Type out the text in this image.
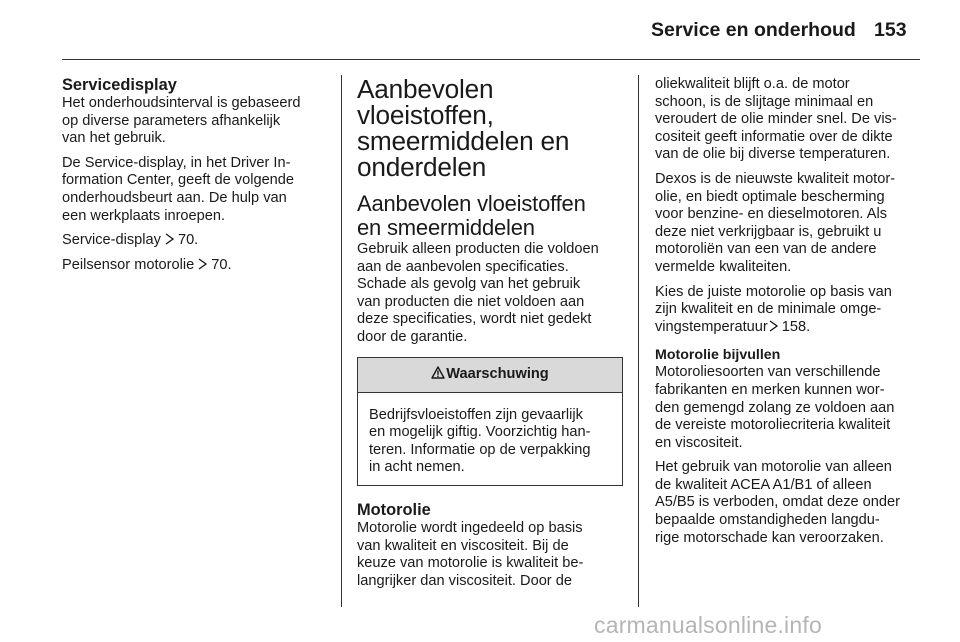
Service en onderhoud 153
Servicedisplay

Het onderhoudsinterval is gebaseerd
op diverse parameters afhankelijk
van het gebruik.

De Service-display, in het Driver In-
formation Center, geeft de volgende
onderhoudsbeurt aan. De hulp van
een werkplaats inroepen.

Service-display 70.

Peilsensor motorolie 70.

Aanbevolen
vloeistoffen,
smeermiddelen en
onderdelen
Aanbevolen vloeistoffen
en smeermiddelen

Gebruik alleen producten die voldoen
aan de aanbevolen specificaties.
Schade als gevolg van het gebruik
van producten die niet voldoen aan
deze specificaties, wordt niet gedekt
door de garantie.

Waarschuwing

Bedrijfsvloeistoffen zijn gevaarlijk
en mogelijk giftig. Voorzichtig han-
teren. Informatie op de verpakking
in acht nemen.

Motorolie

Motorolie wordt ingedeeld op basis
van kwaliteit en viscositeit. Bij de
keuze van motorolie is kwaliteit be-
langrijker dan viscositeit. Door de

oliekwaliteit blijft o.a. de motor
schoon, is de slijtage minimaal en
veroudert de olie minder snel. De vis-
cositeit geeft informatie over de dikte
van de olie bij diverse temperaturen.

Dexos is de nieuwste kwaliteit motor-
olie, en biedt optimale bescherming
voor benzine- en dieselmotoren. Als
deze niet verkrijgbaar is, gebruikt u
motoroliën van een van de andere
vermelde kwaliteiten.

Kies de juiste motorolie op basis van
zijn kwaliteit en de minimale omge-
vingstemperatuur 158.

Motorolie bijvullen

Motoroliesoorten van verschillende
fabrikanten en merken kunnen wor-
den gemengd zolang ze voldoen aan
de vereiste motoroliecriteria kwaliteit
en viscositeit.

Het gebruik van motorolie van alleen
de kwaliteit ACEA A1/B1 of alleen
A5/B5 is verboden, omdat deze onder
bepaalde omstandigheden langdu-
rige motorschade kan veroorzaken.

carmanualsonline.info
